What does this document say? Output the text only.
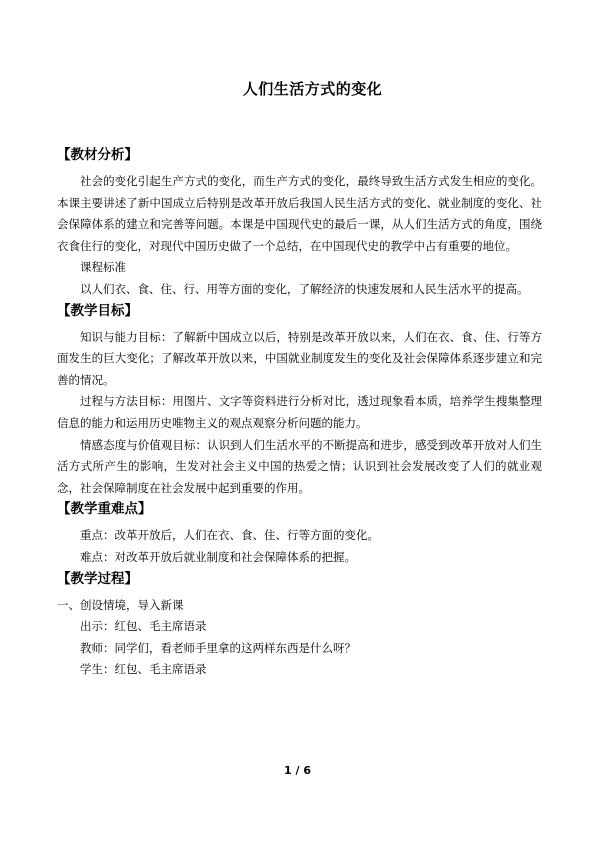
人们生活方式的变化

【教材分析】

社会的变化引起生产方式的变化，而生产方式的变化，最终导致生活方式发生相应的变化。本课主要讲述了新中国成立后特别是改革开放后我国人民生活方式的变化、就业制度的变化、社会保障体系的建立和完善等问题。本课是中国现代史的最后一课，从人们生活方式的角度，围绕衣食住行的变化，对现代中国历史做了一个总结，在中国现代史的教学中占有重要的地位。

课程标准

以人们衣、食、住、行、用等方面的变化，了解经济的快速发展和人民生活水平的提高。

【教学目标】

知识与能力目标：了解新中国成立以后，特别是改革开放以来，人们在衣、食、住、行等方面发生的巨大变化；了解改革开放以来，中国就业制度发生的变化及社会保障体系逐步建立和完善的情况。

过程与方法目标：用图片、文字等资料进行分析对比，透过现象看本质，培养学生搜集整理信息的能力和运用历史唯物主义的观点观察分析问题的能力。

情感态度与价值观目标：认识到人们生活水平的不断提高和进步，感受到改革开放对人们生活方式所产生的影响，生发对社会主义中国的热爱之情；认识到社会发展改变了人们的就业观念，社会保障制度在社会发展中起到重要的作用。

【教学重难点】

重点：改革开放后，人们在衣、食、住、行等方面的变化。

难点：对改革开放后就业制度和社会保障体系的把握。

【教学过程】

一、创设情境，导入新课

出示：红包、毛主席语录

教师：同学们，看老师手里拿的这两样东西是什么呀？

学生：红包、毛主席语录

1 / 6
